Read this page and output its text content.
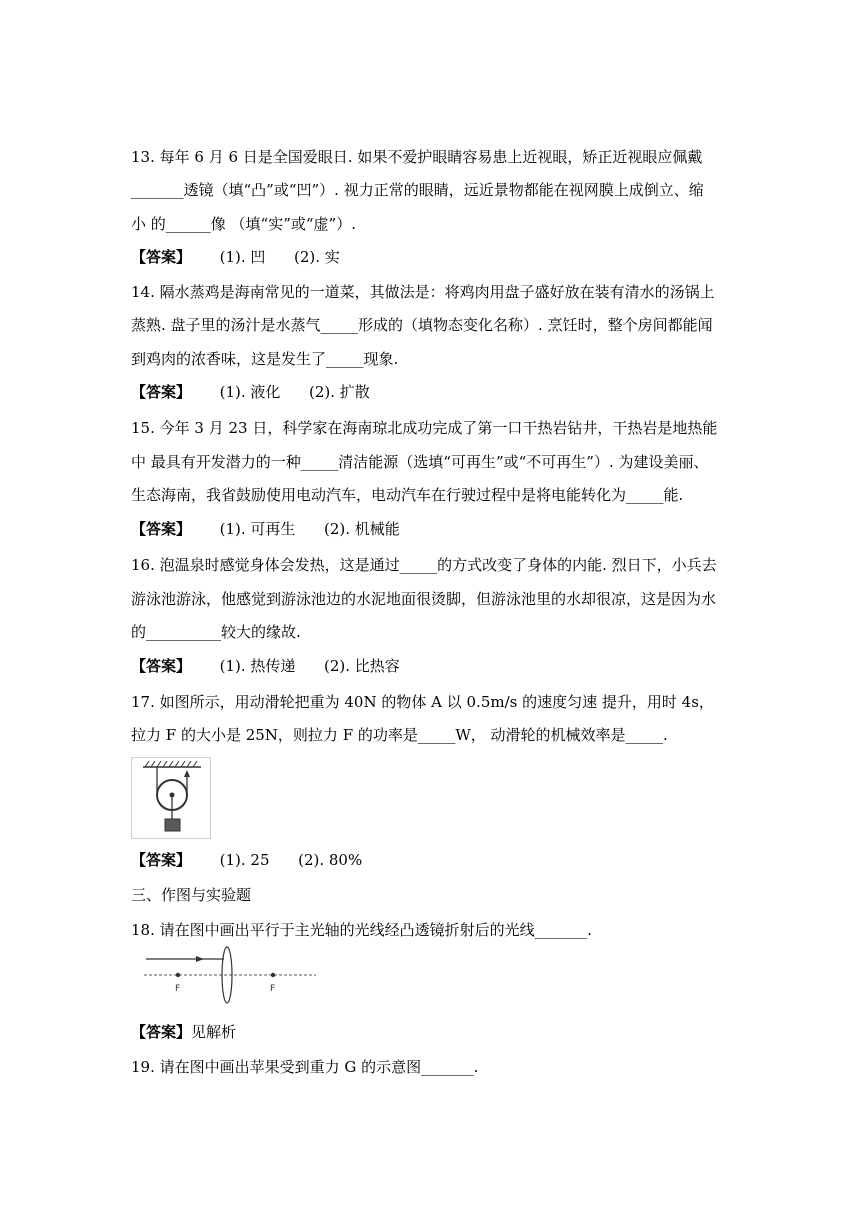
13. 每年 6 月 6 日是全国爱眼日. 如果不爱护眼睛容易患上近视眼，矫正近视眼应佩戴
_______透镜（填“凸”或“凹”）. 视力正常的眼睛，远近景物都能在视网膜上成倒立、缩
小 的______像 （填“实”或“虚”）.
【答案】      (1). 凹      (2). 实
14. 隔水蒸鸡是海南常见的一道菜，其做法是：将鸡肉用盘子盛好放在装有清水的汤锅上
蒸熟. 盘子里的汤汁是水蒸气_____形成的（填物态变化名称）. 烹饪时，整个房间都能闻
到鸡肉的浓香味，这是发生了_____现象.
【答案】      (1). 液化      (2). 扩散
15. 今年 3 月 23 日，科学家在海南琼北成功完成了第一口干热岩钻井，干热岩是地热能
中 最具有开发潜力的一种_____清洁能源（选填“可再生”或“不可再生”）. 为建设美丽、
生态海南，我省鼓励使用电动汽车，电动汽车在行驶过程中是将电能转化为_____能.
【答案】      (1). 可再生      (2). 机械能
16. 泡温泉时感觉身体会发热，这是通过_____的方式改变了身体的内能. 烈日下，小兵去
游泳池游泳，他感觉到游泳池边的水泥地面很烫脚，但游泳池里的水却很凉，这是因为水
的__________较大的缘故.
【答案】      (1). 热传递      (2). 比热容
17. 如图所示，用动滑轮把重为 40N 的物体 A 以 0.5m/s 的速度匀速 提升，用时 4s，
拉力 F 的大小是 25N，则拉力 F 的功率是_____W， 动滑轮的机械效率是_____.
【答案】      (1). 25      (2). 80%
三、作图与实验题
18. 请在图中画出平行于主光轴的光线经凸透镜折射后的光线_______.
F	F
【答案】见解析
19. 请在图中画出苹果受到重力 G 的示意图_______.
